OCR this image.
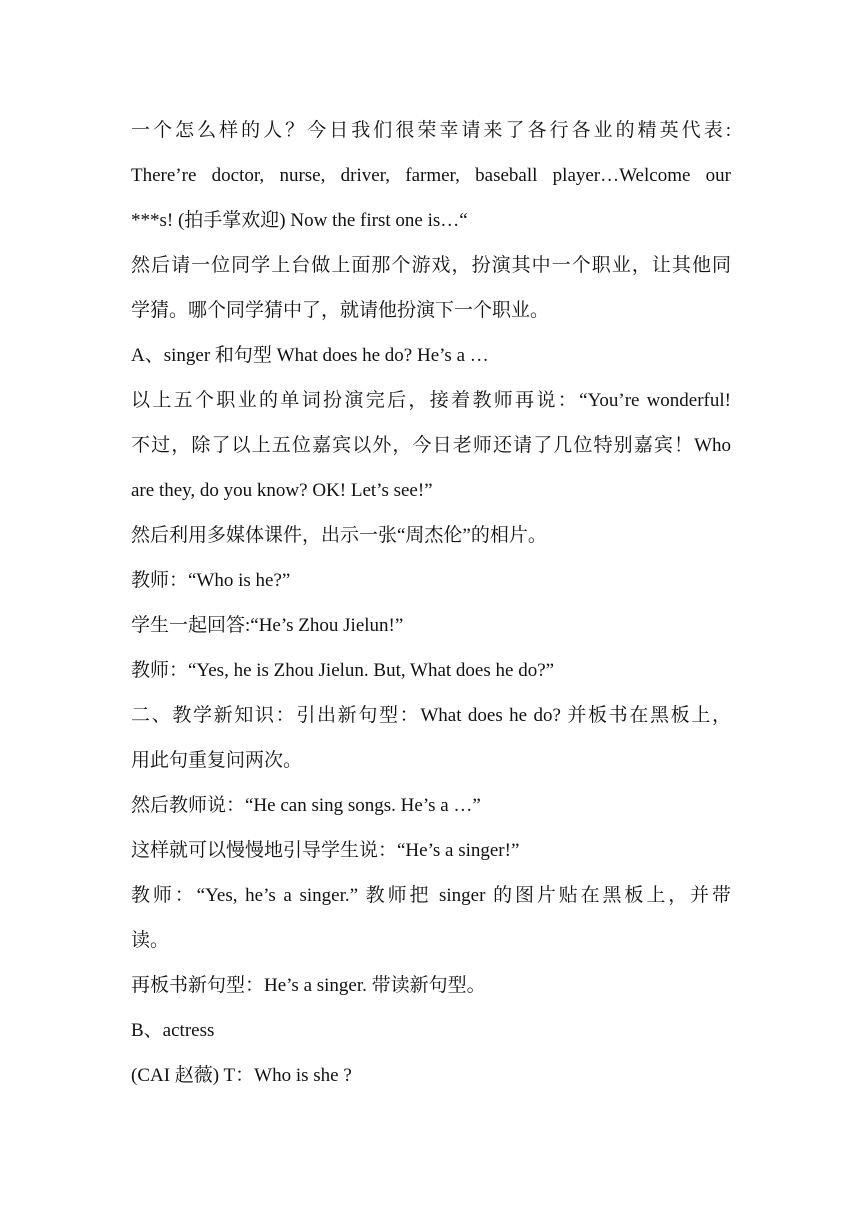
一个怎么样的人？今日我们很荣幸请来了各行各业的精英代表:
There’re doctor, nurse, driver, farmer, baseball player…Welcome our
***s! (拍手掌欢迎) Now the first one is…“
然后请一位同学上台做上面那个游戏，扮演其中一个职业，让其他同
学猜。哪个同学猜中了，就请他扮演下一个职业。
A、singer 和句型 What does he do? He’s a …
以上五个职业的单词扮演完后，接着教师再说：“You’re wonderful!
不过，除了以上五位嘉宾以外，今日老师还请了几位特别嘉宾！Who
are they, do you know? OK! Let’s see!”
然后利用多媒体课件，出示一张“周杰伦”的相片。
教师：“Who is he?”
学生一起回答:“He’s Zhou Jielun!”
教师：“Yes, he is Zhou Jielun. But, What does he do?”
二、教学新知识：引出新句型：What does he do? 并板书在黑板上，
用此句重复问两次。
然后教师说：“He can sing songs. He’s a …”
这样就可以慢慢地引导学生说：“He’s a singer!”
教师：“Yes, he’s a singer.” 教师把 singer 的图片贴在黑板上，并带
读。
再板书新句型：He’s a singer. 带读新句型。
B、actress
(CAI 赵薇) T：Who is she ?
